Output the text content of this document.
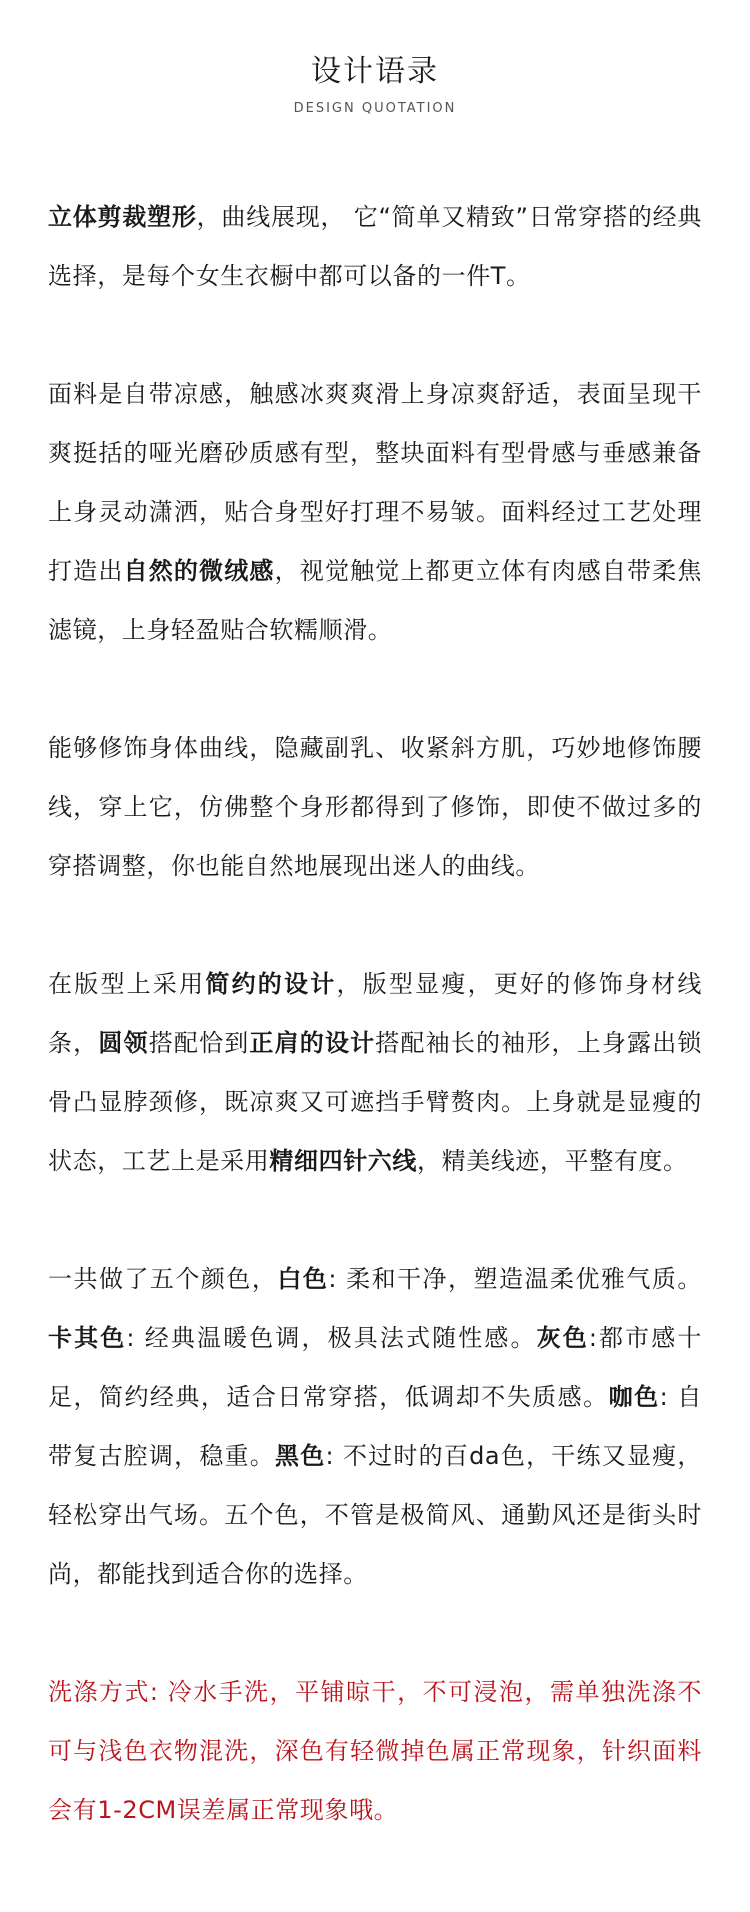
设计语录
DESIGN QUOTATION

立体剪裁塑形，曲线展现， 它“简单又精致”日常穿搭的经典选择，是每个女生衣橱中都可以备的一件T。

面料是自带凉感，触感冰爽爽滑上身凉爽舒适，表面呈现干爽挺括的哑光磨砂质感有型，整块面料有型骨感与垂感兼备上身灵动潇洒，贴合身型好打理不易皱。面料经过工艺处理打造出自然的微绒感，视觉触觉上都更立体有肉感自带柔焦滤镜，上身轻盈贴合软糯顺滑。

能够修饰身体曲线，隐藏副乳、收紧斜方肌，巧妙地修饰腰线，穿上它，仿佛整个身形都得到了修饰，即使不做过多的穿搭调整，你也能自然地展现出迷人的曲线。

在版型上采用简约的设计，版型显瘦，更好的修饰身材线条，圆领搭配恰到正肩的设计搭配袖长的袖形，上身露出锁骨凸显脖颈修，既凉爽又可遮挡手臂赘肉。上身就是显瘦的状态，工艺上是采用精细四针六线，精美线迹，平整有度。

一共做了五个颜色，白色: 柔和干净，塑造温柔优雅气质。卡其色: 经典温暖色调，极具法式随性感。灰色:都市感十足，简约经典，适合日常穿搭，低调却不失质感。咖色: 自带复古腔调，稳重。黑色: 不过时的百da色，干练又显瘦，轻松穿出气场。五个色，不管是极简风、通勤风还是街头时尚，都能找到适合你的选择。

洗涤方式: 冷水手洗，平铺晾干，不可浸泡，需单独洗涤不可与浅色衣物混洗，深色有轻微掉色属正常现象，针织面料会有1-2CM误差属正常现象哦。
